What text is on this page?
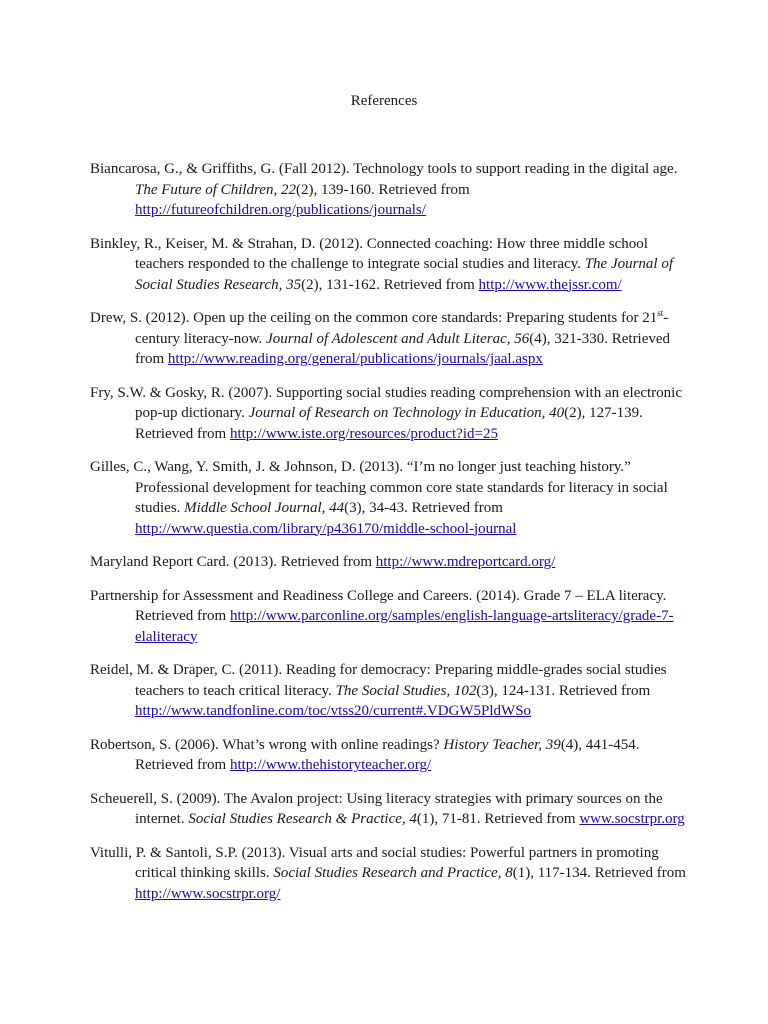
References

Biancarosa, G., & Griffiths, G. (Fall 2012). Technology tools to support reading in the digital age. The Future of Children, 22(2), 139-160. Retrieved from http://futureofchildren.org/publications/journals/

Binkley, R., Keiser, M. & Strahan, D. (2012). Connected coaching: How three middle school teachers responded to the challenge to integrate social studies and literacy. The Journal of Social Studies Research, 35(2), 131-162. Retrieved from http://www.thejssr.com/

Drew, S. (2012). Open up the ceiling on the common core standards: Preparing students for 21st-century literacy-now. Journal of Adolescent and Adult Literac, 56(4), 321-330. Retrieved from http://www.reading.org/general/publications/journals/jaal.aspx

Fry, S.W. & Gosky, R. (2007). Supporting social studies reading comprehension with an electronic pop-up dictionary. Journal of Research on Technology in Education, 40(2), 127-139. Retrieved from http://www.iste.org/resources/product?id=25

Gilles, C., Wang, Y. Smith, J. & Johnson, D. (2013). “I’m no longer just teaching history.” Professional development for teaching common core state standards for literacy in social studies. Middle School Journal, 44(3), 34-43. Retrieved from http://www.questia.com/library/p436170/middle-school-journal

Maryland Report Card. (2013). Retrieved from http://www.mdreportcard.org/

Partnership for Assessment and Readiness College and Careers. (2014). Grade 7 – ELA literacy. Retrieved from http://www.parconline.org/samples/english-language-artsliteracy/grade-7-elaliteracy

Reidel, M. & Draper, C. (2011). Reading for democracy: Preparing middle-grades social studies teachers to teach critical literacy. The Social Studies, 102(3), 124-131. Retrieved from http://www.tandfonline.com/toc/vtss20/current#.VDGW5PldWSo

Robertson, S. (2006). What’s wrong with online readings? History Teacher, 39(4), 441-454. Retrieved from http://www.thehistoryteacher.org/

Scheuerell, S. (2009). The Avalon project: Using literacy strategies with primary sources on the internet. Social Studies Research & Practice, 4(1), 71-81. Retrieved from www.socstrpr.org

Vitulli, P. & Santoli, S.P. (2013). Visual arts and social studies: Powerful partners in promoting critical thinking skills. Social Studies Research and Practice, 8(1), 117-134. Retrieved from http://www.socstrpr.org/
